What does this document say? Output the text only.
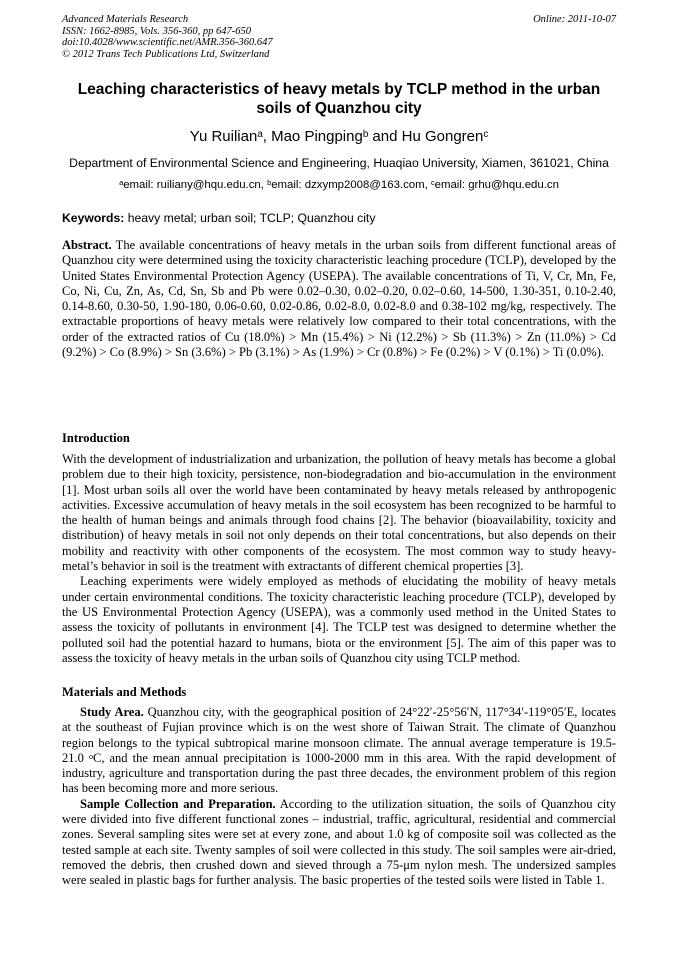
Advanced Materials Research
ISSN: 1662-8985, Vols. 356-360, pp 647-650
doi:10.4028/www.scientific.net/AMR.356-360.647
© 2012 Trans Tech Publications Ltd, Switzerland
Online: 2011-10-07
Leaching characteristics of heavy metals by TCLP method in the urban soils of Quanzhou city
Yu Ruilian$^a$, Mao Pingping$^b$ and Hu Gongren$^c$
Department of Environmental Science and Engineering, Huaqiao University, Xiamen, 361021, China
$^a$email: ruiliany@hqu.edu.cn, $^b$email: dzxymp2008@163.com, $^c$email: grhu@hqu.edu.cn
Keywords: heavy metal; urban soil; TCLP; Quanzhou city

Abstract. The available concentrations of heavy metals in the urban soils from different functional areas of Quanzhou city were determined using the toxicity characteristic leaching procedure (TCLP), developed by the United States Environmental Protection Agency (USEPA). The available concentrations of Ti, V, Cr, Mn, Fe, Co, Ni, Cu, Zn, As, Cd, Sn, Sb and Pb were 0.02–0.30, 0.02–0.20, 0.02–0.60, 14-500, 1.30-351, 0.10-2.40, 0.14-8.60, 0.30-50, 1.90-180, 0.06-0.60, 0.02-0.86, 0.02-8.0, 0.02-8.0 and 0.38-102 mg/kg, respectively. The extractable proportions of heavy metals were relatively low compared to their total concentrations, with the order of the extracted ratios of Cu (18.0%) > Mn (15.4%) > Ni (12.2%) > Sb (11.3%) > Zn (11.0%) > Cd (9.2%) > Co (8.9%) > Sn (3.6%) > Pb (3.1%) > As (1.9%) > Cr (0.8%) > Fe (0.2%) > V (0.1%) > Ti (0.0%).

Introduction

With the development of industrialization and urbanization, the pollution of heavy metals has become a global problem due to their high toxicity, persistence, non-biodegradation and bio-accumulation in the environment [1]. Most urban soils all over the world have been contaminated by heavy metals released by anthropogenic activities. Excessive accumulation of heavy metals in the soil ecosystem has been recognized to be harmful to the health of human beings and animals through food chains [2]. The behavior (bioavailability, toxicity and distribution) of heavy metals in soil not only depends on their total concentrations, but also depends on their mobility and reactivity with other components of the ecosystem. The most common way to study heavy-metal’s behavior in soil is the treatment with extractants of different chemical properties [3].

Leaching experiments were widely employed as methods of elucidating the mobility of heavy metals under certain environmental conditions. The toxicity characteristic leaching procedure (TCLP), developed by the US Environmental Protection Agency (USEPA), was a commonly used method in the United States to assess the toxicity of pollutants in environment [4]. The TCLP test was designed to determine whether the polluted soil had the potential hazard to humans, biota or the environment [5]. The aim of this paper was to assess the toxicity of heavy metals in the urban soils of Quanzhou city using TCLP method.

Materials and Methods

Study Area. Quanzhou city, with the geographical position of 24°22′-25°56′N, 117°34′-119°05′E, locates at the southeast of Fujian province which is on the west shore of Taiwan Strait. The climate of Quanzhou region belongs to the typical subtropical marine monsoon climate. The annual average temperature is 19.5-21.0 $^o$C, and the mean annual precipitation is 1000-2000 mm in this area. With the rapid development of industry, agriculture and transportation during the past three decades, the environment problem of this region has been becoming more and more serious.

Sample Collection and Preparation. According to the utilization situation, the soils of Quanzhou city were divided into five different functional zones – industrial, traffic, agricultural, residential and commercial zones. Several sampling sites were set at every zone, and about 1.0 kg of composite soil was collected as the tested sample at each site. Twenty samples of soil were collected in this study. The soil samples were air-dried, removed the debris, then crushed down and sieved through a 75-μm nylon mesh. The undersized samples were sealed in plastic bags for further analysis. The basic properties of the tested soils were listed in Table 1.
